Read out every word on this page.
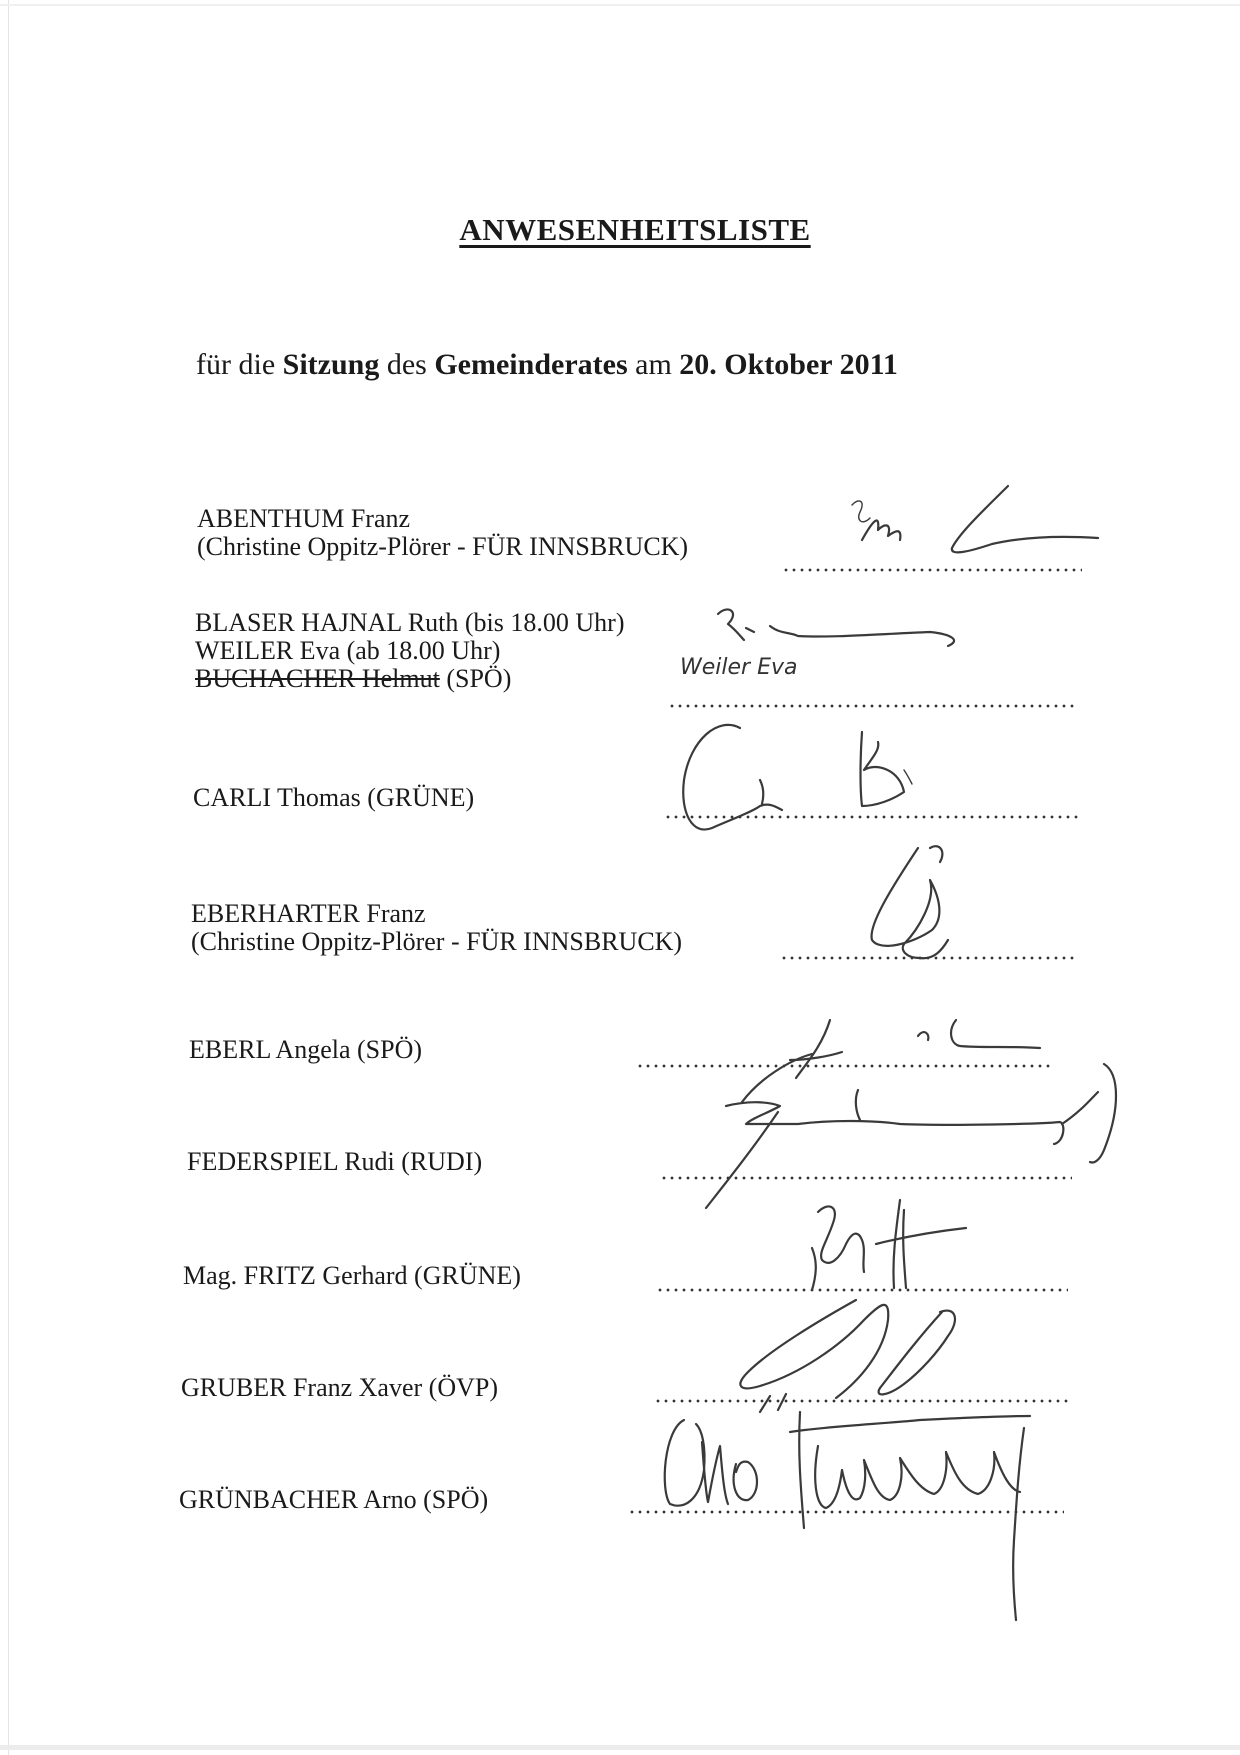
ANWESENHEITSLISTE
für die Sitzung des Gemeinderates am 20. Oktober 2011
ABENTHUM Franz
(Christine Oppitz-Plörer - FÜR INNSBRUCK)
BLASER HAJNAL Ruth (bis 18.00 Uhr)
WEILER Eva (ab 18.00 Uhr)
BUCHACHER Helmut (SPÖ)
CARLI Thomas (GRÜNE)
EBERHARTER Franz
(Christine Oppitz-Plörer - FÜR INNSBRUCK)
EBERL Angela (SPÖ)
FEDERSPIEL Rudi (RUDI)
Mag. FRITZ Gerhard (GRÜNE)
GRUBER Franz Xaver (ÖVP)
GRÜNBACHER Arno (SPÖ)
Weiler Eva
